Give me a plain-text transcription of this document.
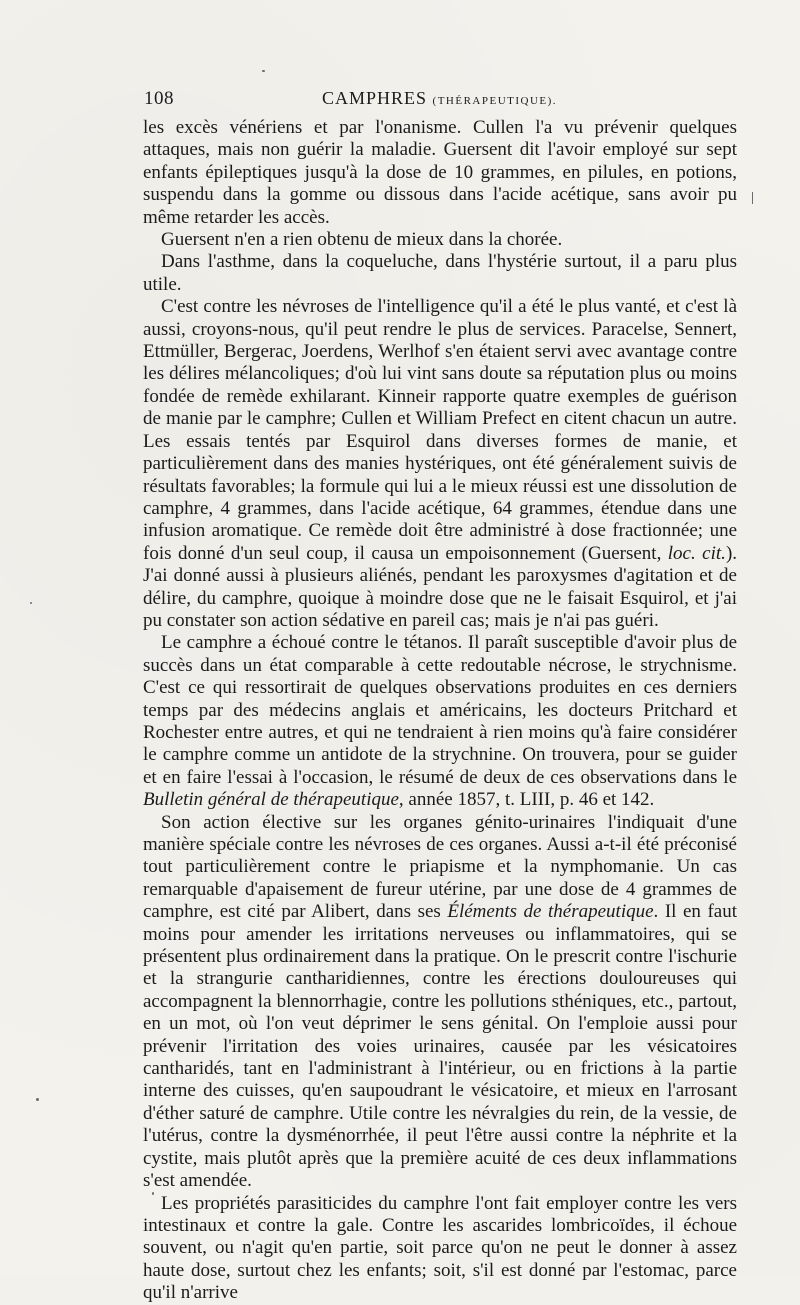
108	CAMPHRES (THÉRAPEUTIQUE).

les excès vénériens et par l'onanisme. Cullen l'a vu prévenir quelques attaques, mais non guérir la maladie. Guersent dit l'avoir employé sur sept enfants épileptiques jusqu'à la dose de 10 grammes, en pilules, en potions, suspendu dans la gomme ou dissous dans l'acide acétique, sans avoir pu même retarder les accès.

Guersent n'en a rien obtenu de mieux dans la chorée.

Dans l'asthme, dans la coqueluche, dans l'hystérie surtout, il a paru plus utile.

C'est contre les névroses de l'intelligence qu'il a été le plus vanté, et c'est là aussi, croyons-nous, qu'il peut rendre le plus de services. Paracelse, Sennert, Ettmüller, Bergerac, Joerdens, Werlhof s'en étaient servi avec avantage contre les délires mélancoliques; d'où lui vint sans doute sa réputation plus ou moins fondée de remède exhilarant. Kinneir rapporte quatre exemples de guérison de manie par le camphre; Cullen et William Prefect en citent chacun un autre. Les essais tentés par Esquirol dans diverses formes de manie, et particulièrement dans des manies hystériques, ont été généralement suivis de résultats favorables; la formule qui lui a le mieux réussi est une dissolution de camphre, 4 grammes, dans l'acide acétique, 64 grammes, étendue dans une infusion aromatique. Ce remède doit être administré à dose fractionnée; une fois donné d'un seul coup, il causa un empoisonnement (Guersent, loc. cit.). J'ai donné aussi à plusieurs aliénés, pendant les paroxysmes d'agitation et de délire, du camphre, quoique à moindre dose que ne le faisait Esquirol, et j'ai pu constater son action sédative en pareil cas; mais je n'ai pas guéri.

Le camphre a échoué contre le tétanos. Il paraît susceptible d'avoir plus de succès dans un état comparable à cette redoutable nécrose, le strychnisme. C'est ce qui ressortirait de quelques observations produites en ces derniers temps par des médecins anglais et américains, les docteurs Pritchard et Rochester entre autres, et qui ne tendraient à rien moins qu'à faire considérer le camphre comme un antidote de la strychnine. On trouvera, pour se guider et en faire l'essai à l'occasion, le résumé de deux de ces observations dans le Bulletin général de thérapeutique, année 1857, t. LIII, p. 46 et 142.

Son action élective sur les organes génito-urinaires l'indiquait d'une manière spéciale contre les névroses de ces organes. Aussi a-t-il été préconisé tout particulièrement contre le priapisme et la nymphomanie. Un cas remarquable d'apaisement de fureur utérine, par une dose de 4 grammes de camphre, est cité par Alibert, dans ses Éléments de thérapeutique. Il en faut moins pour amender les irritations nerveuses ou inflammatoires, qui se présentent plus ordinairement dans la pratique. On le prescrit contre l'ischurie et la strangurie cantharidiennes, contre les érections douloureuses qui accompagnent la blennorrhagie, contre les pollutions sthéniques, etc., partout, en un mot, où l'on veut déprimer le sens génital. On l'emploie aussi pour prévenir l'irritation des voies urinaires, causée par les vésicatoires cantharidés, tant en l'administrant à l'intérieur, ou en frictions à la partie interne des cuisses, qu'en saupoudrant le vésicatoire, et mieux en l'arrosant d'éther saturé de camphre. Utile contre les névralgies du rein, de la vessie, de l'utérus, contre la dysménorrhée, il peut l'être aussi contre la néphrite et la cystite, mais plutôt après que la première acuité de ces deux inflammations s'est amendée.

Les propriétés parasiticides du camphre l'ont fait employer contre les vers intestinaux et contre la gale. Contre les ascarides lombricoïdes, il échoue souvent, ou n'agit qu'en partie, soit parce qu'on ne peut le donner à assez haute dose, surtout chez les enfants; soit, s'il est donné par l'estomac, parce qu'il n'arrive
